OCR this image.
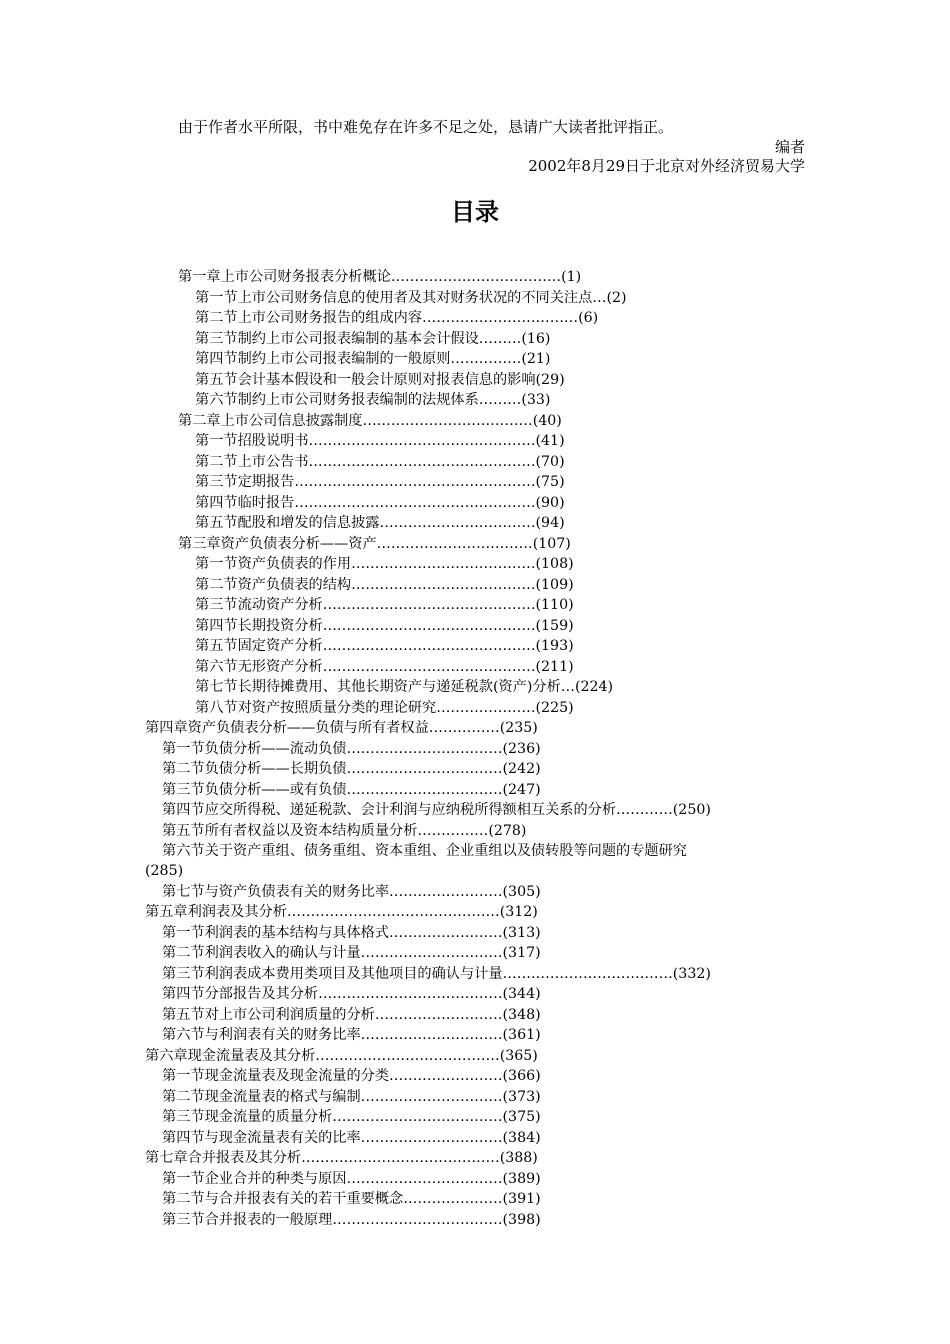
由于作者水平所限，书中难免存在许多不足之处，恳请广大读者批评指正。
编者
2002年8月29日于北京对外经济贸易大学
目录
第一章上市公司财务报表分析概论………………………………(1)
第一节上市公司财务信息的使用者及其对财务状况的不同关注点…(2)
第二节上市公司财务报告的组成内容……………………………(6)
第三节制约上市公司报表编制的基本会计假设………(16)
第四节制约上市公司报表编制的一般原则……………(21)
第五节会计基本假设和一般会计原则对报表信息的影响(29)
第六节制约上市公司财务报表编制的法规体系………(33)
第二章上市公司信息披露制度………………………………(40)
第一节招股说明书…………………………………………(41)
第二节上市公告书…………………………………………(70)
第三节定期报告……………………………………………(75)
第四节临时报告……………………………………………(90)
第五节配股和增发的信息披露……………………………(94)
第三章资产负债表分析——资产……………………………(107)
第一节资产负债表的作用…………………………………(108)
第二节资产负债表的结构…………………………………(109)
第三节流动资产分析………………………………………(110)
第四节长期投资分析………………………………………(159)
第五节固定资产分析………………………………………(193)
第六节无形资产分析………………………………………(211)
第七节长期待摊费用、其他长期资产与递延税款(资产)分析…(224)
第八节对资产按照质量分类的理论研究…………………(225)
第四章资产负债表分析——负债与所有者权益……………(235)
第一节负债分析——流动负债……………………………(236)
第二节负债分析——长期负债……………………………(242)
第三节负债分析——或有负债……………………………(247)
第四节应交所得税、递延税款、会计利润与应纳税所得额相互关系的分析…………(250)
第五节所有者权益以及资本结构质量分析……………(278)
第六节关于资产重组、债务重组、资本重组、企业重组以及债转股等问题的专题研究
(285)
第七节与资产负债表有关的财务比率……………………(305)
第五章利润表及其分析………………………………………(312)
第一节利润表的基本结构与具体格式……………………(313)
第二节利润表收入的确认与计量…………………………(317)
第三节利润表成本费用类项目及其他项目的确认与计量………………………………(332)
第四节分部报告及其分析…………………………………(344)
第五节对上市公司利润质量的分析………………………(348)
第六节与利润表有关的财务比率…………………………(361)
第六章现金流量表及其分析…………………………………(365)
第一节现金流量表及现金流量的分类……………………(366)
第二节现金流量表的格式与编制…………………………(373)
第三节现金流量的质量分析………………………………(375)
第四节与现金流量表有关的比率…………………………(384)
第七章合并报表及其分析……………………………………(388)
第一节企业合并的种类与原因……………………………(389)
第二节与合并报表有关的若干重要概念…………………(391)
第三节合并报表的一般原理………………………………(398)
